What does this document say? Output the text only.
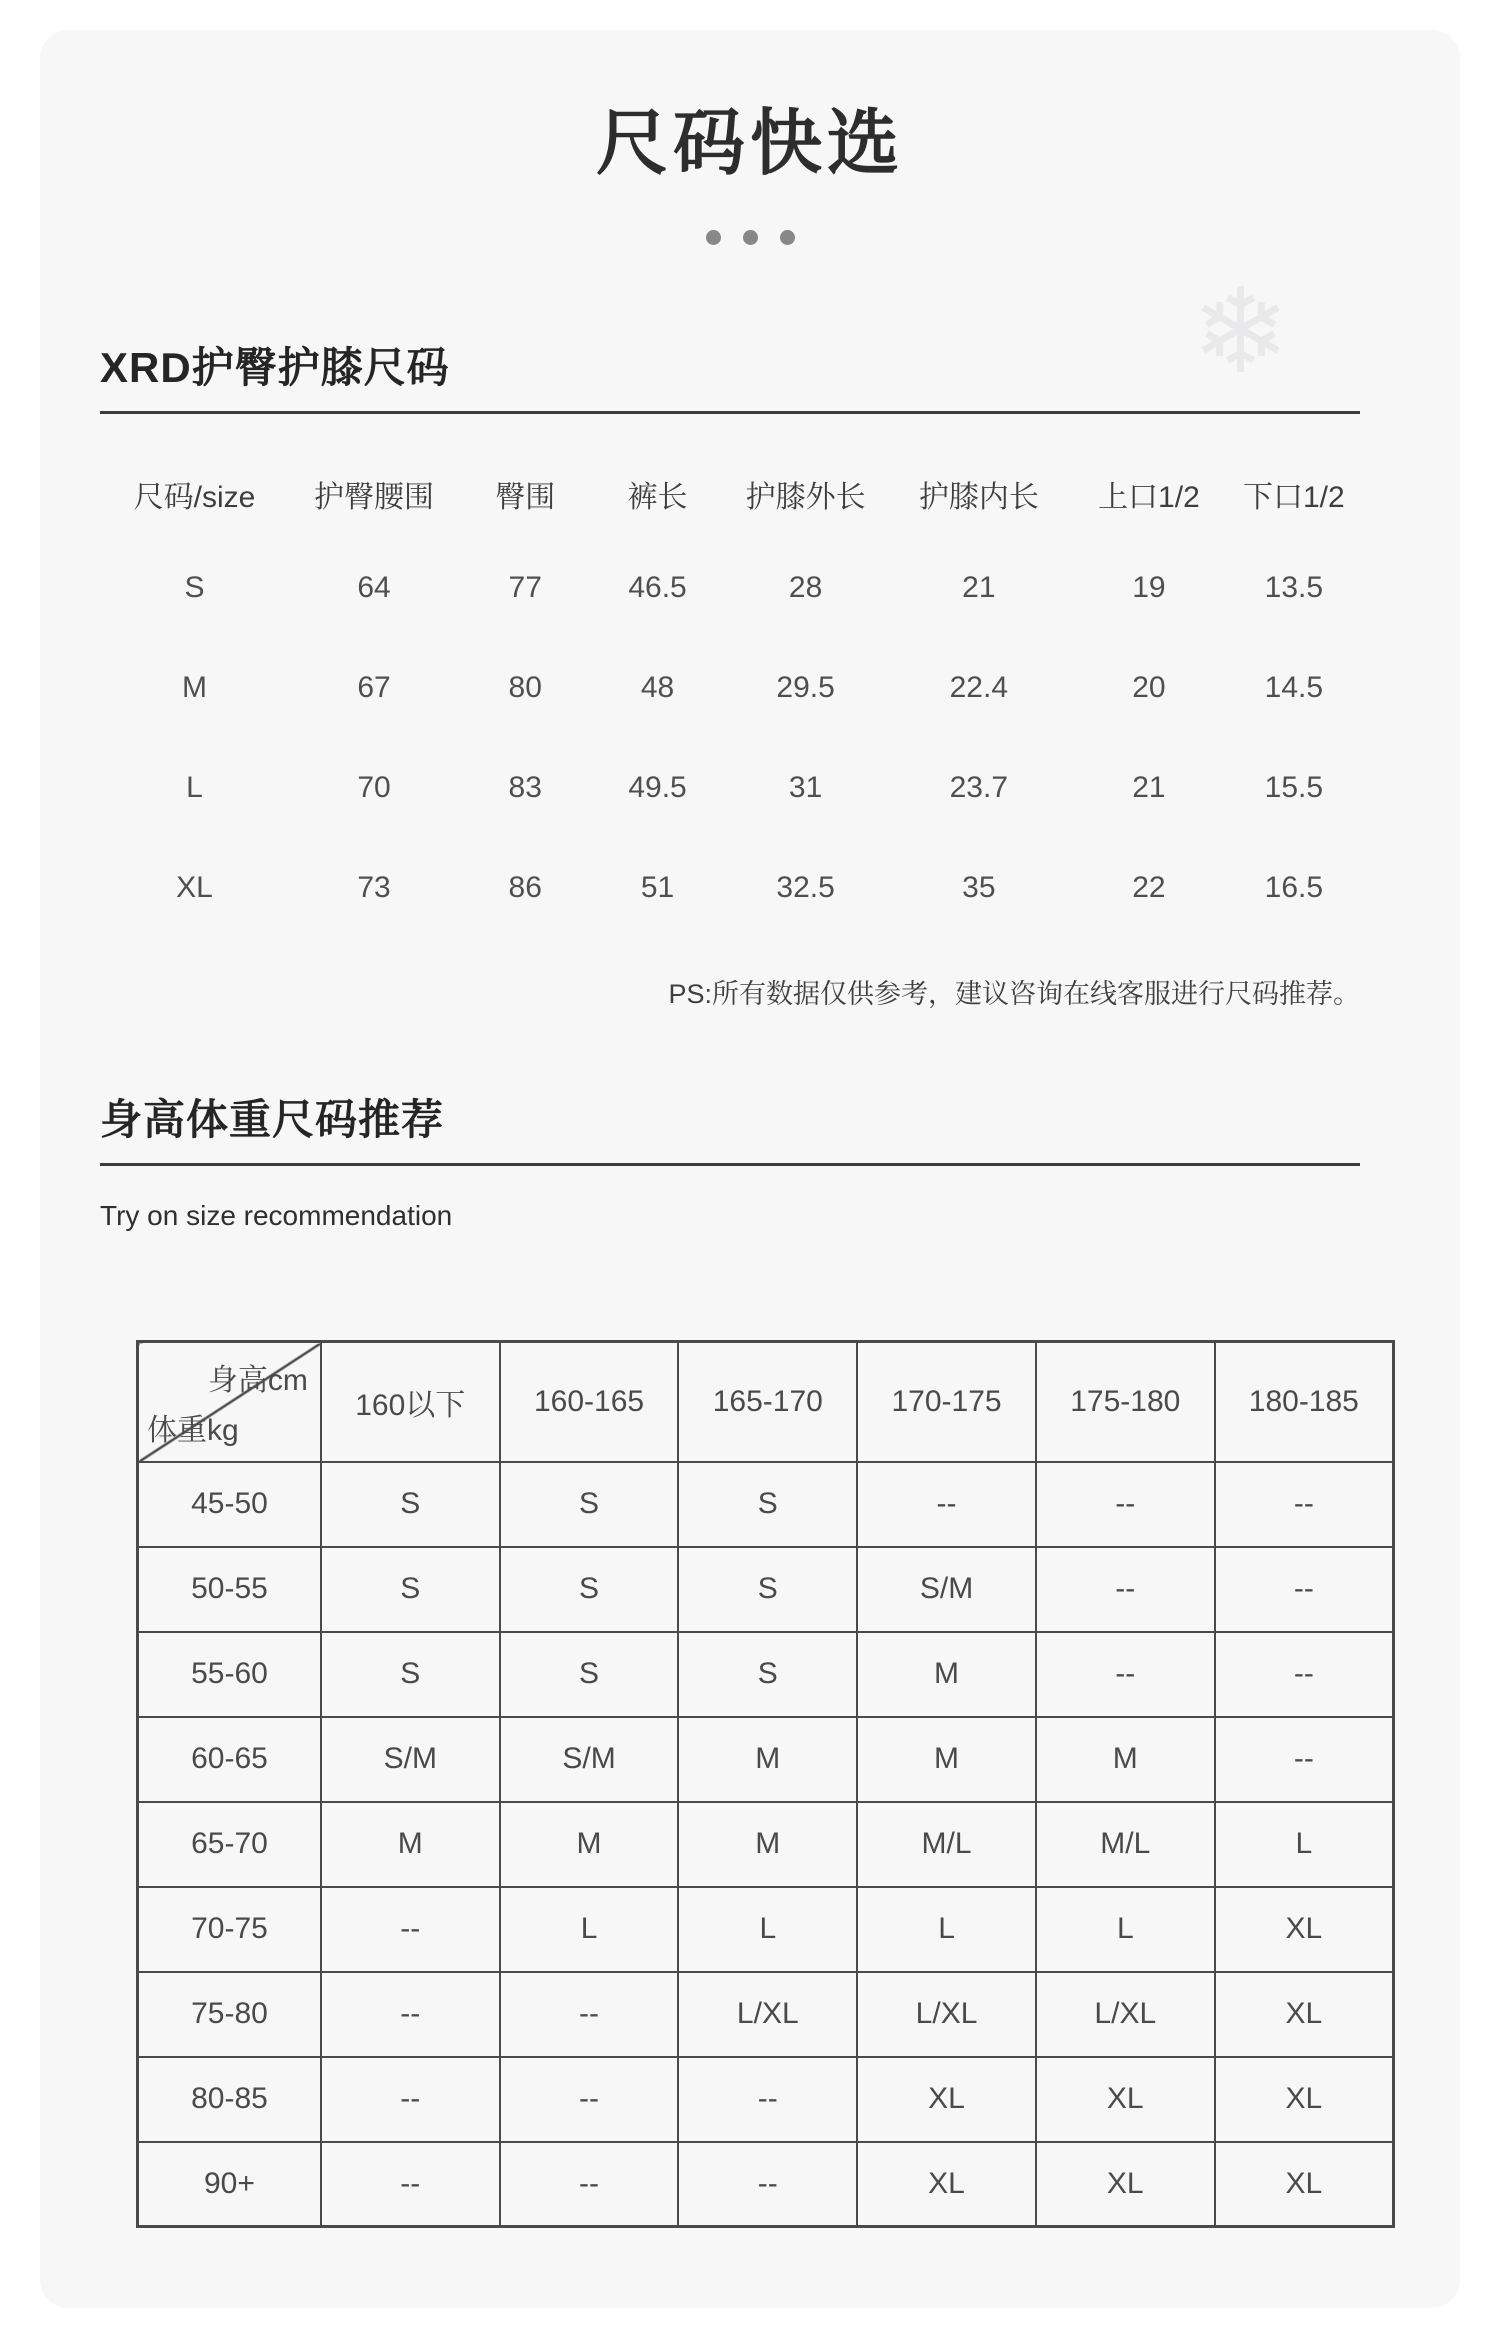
尺码快选
❄
XRD护臀护膝尺码
尺码/size	护臀腰围	臀围	裤长	护膝外长	护膝内长	上口1/2	下口1/2
S	64	77	46.5	28	21	19	13.5
M	67	80	48	29.5	22.4	20	14.5
L	70	83	49.5	31	23.7	21	15.5
XL	73	86	51	32.5	35	22	16.5
PS:所有数据仅供参考，建议咨询在线客服进行尺码推荐。
身高体重尺码推荐
Try on size recommendation
身高cm
体重kg	160以下	160-165	165-170	170-175	175-180	180-185
45-50	S	S	S	--	--	--
50-55	S	S	S	S/M	--	--
55-60	S	S	S	M	--	--
60-65	S/M	S/M	M	M	M	--
65-70	M	M	M	M/L	M/L	L
70-75	--	L	L	L	L	XL
75-80	--	--	L/XL	L/XL	L/XL	XL
80-85	--	--	--	XL	XL	XL
90+	--	--	--	XL	XL	XL
